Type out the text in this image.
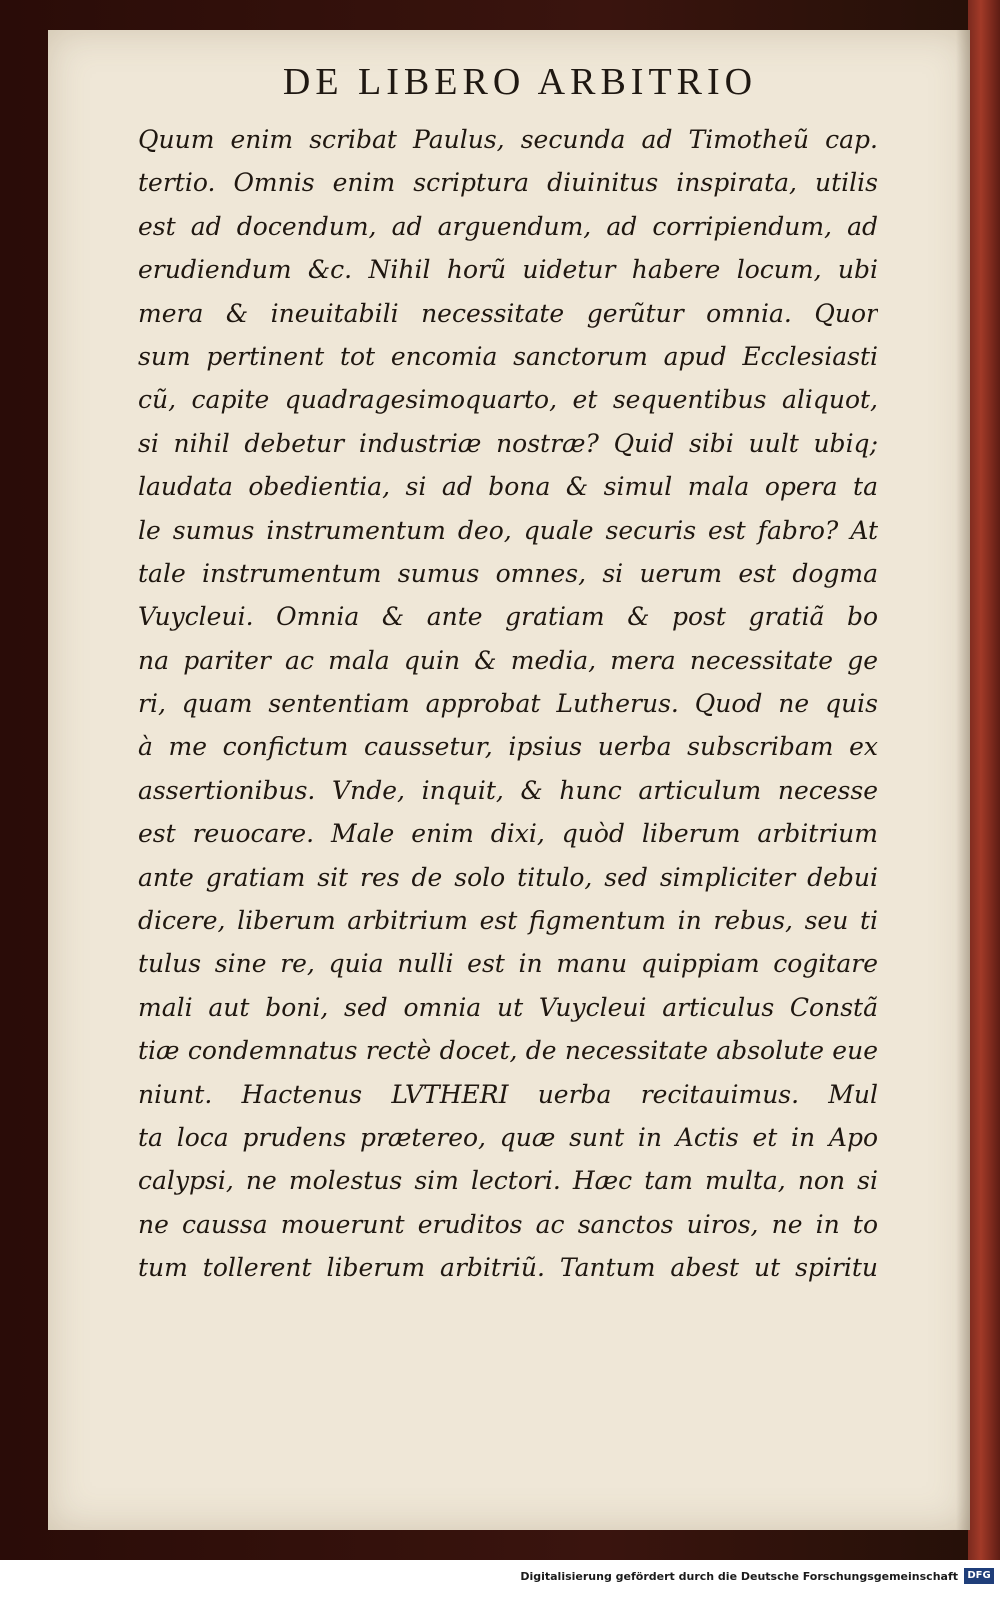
DE LIBERO ARBITRIO
Quum enim scribat Paulus, secunda ad Timotheũ cap.
tertio. Omnis enim scriptura diuinitus inspirata, utilis
est ad docendum, ad arguendum, ad corripiendum, ad
erudiendum &c. Nihil horũ uidetur habere locum, ubi
mera & ineuitabili necessitate gerũtur omnia. Quor
sum pertinent tot encomia sanctorum apud Ecclesiasti
cũ, capite quadragesimoquarto, et sequentibus aliquot,
si nihil debetur industriæ nostræ? Quid sibi uult ubiq;
laudata obedientia, si ad bona & simul mala opera ta
le sumus instrumentum deo, quale securis est fabro? At
tale instrumentum sumus omnes, si uerum est dogma
Vuycleui. Omnia & ante gratiam & post gratiã bo
na pariter ac mala quin & media, mera necessitate ge
ri, quam sententiam approbat Lutherus. Quod ne quis
à me confictum caussetur, ipsius uerba subscribam ex
assertionibus. Vnde, inquit, & hunc articulum necesse
est reuocare. Male enim dixi, quòd liberum arbitrium
ante gratiam sit res de solo titulo, sed simpliciter debui
dicere, liberum arbitrium est figmentum in rebus, seu ti
tulus sine re, quia nulli est in manu quippiam cogitare
mali aut boni, sed omnia ut Vuycleui articulus Constã
tiæ condemnatus rectè docet, de necessitate absolute eue
niunt. Hactenus LVTHERI uerba recitauimus. Mul
ta loca prudens prætereo, quæ sunt in Actis et in Apo
calypsi, ne molestus sim lectori. Hæc tam multa, non si
ne caussa mouerunt eruditos ac sanctos uiros, ne in to
tum tollerent liberum arbitriũ. Tantum abest ut spiritu
Digitalisierung gefördert durch die Deutsche Forschungsgemeinschaft DFG
